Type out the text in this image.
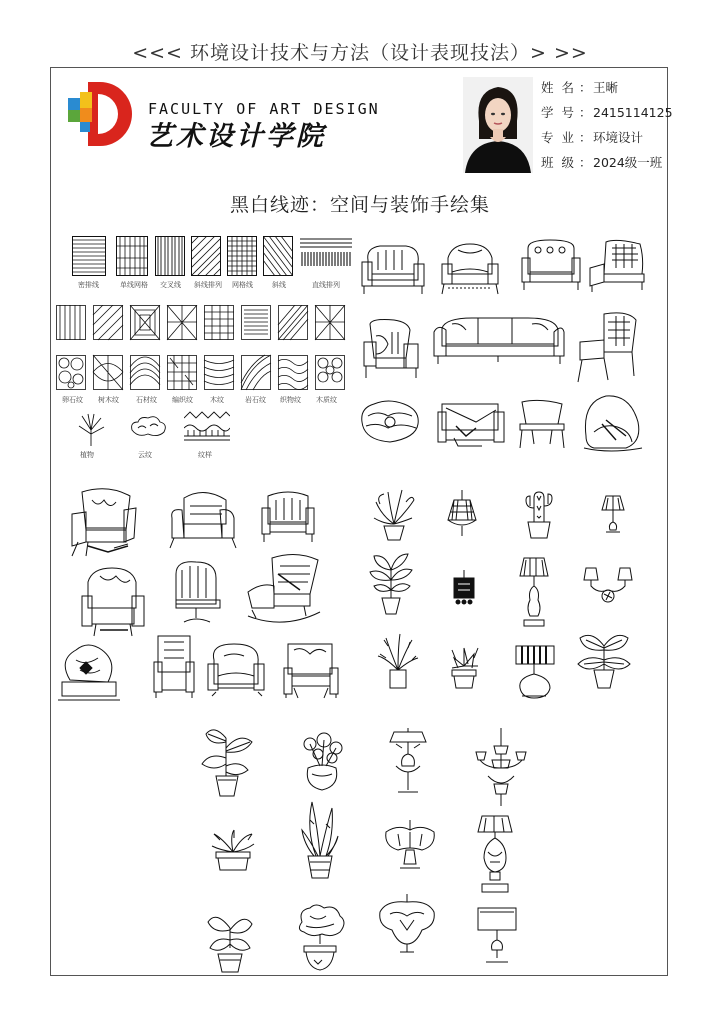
<<< 环境设计技术与方法（设计表现技法）> >>
FACULTY OF ART DESIGN
艺术设计学院
姓 名 ：王晰
学 号 ：2415114125
专 业 ：环境设计
班 级 ：2024级一班
黑白线迹：空间与装饰手绘集
密排线	单线网格 交叉线 斜线排列 网格线	斜线	直线排列
卵石纹 树木纹 石材纹 编织纹 木纹	岩石纹 织物纹 木质纹
植物	云纹	纹样
